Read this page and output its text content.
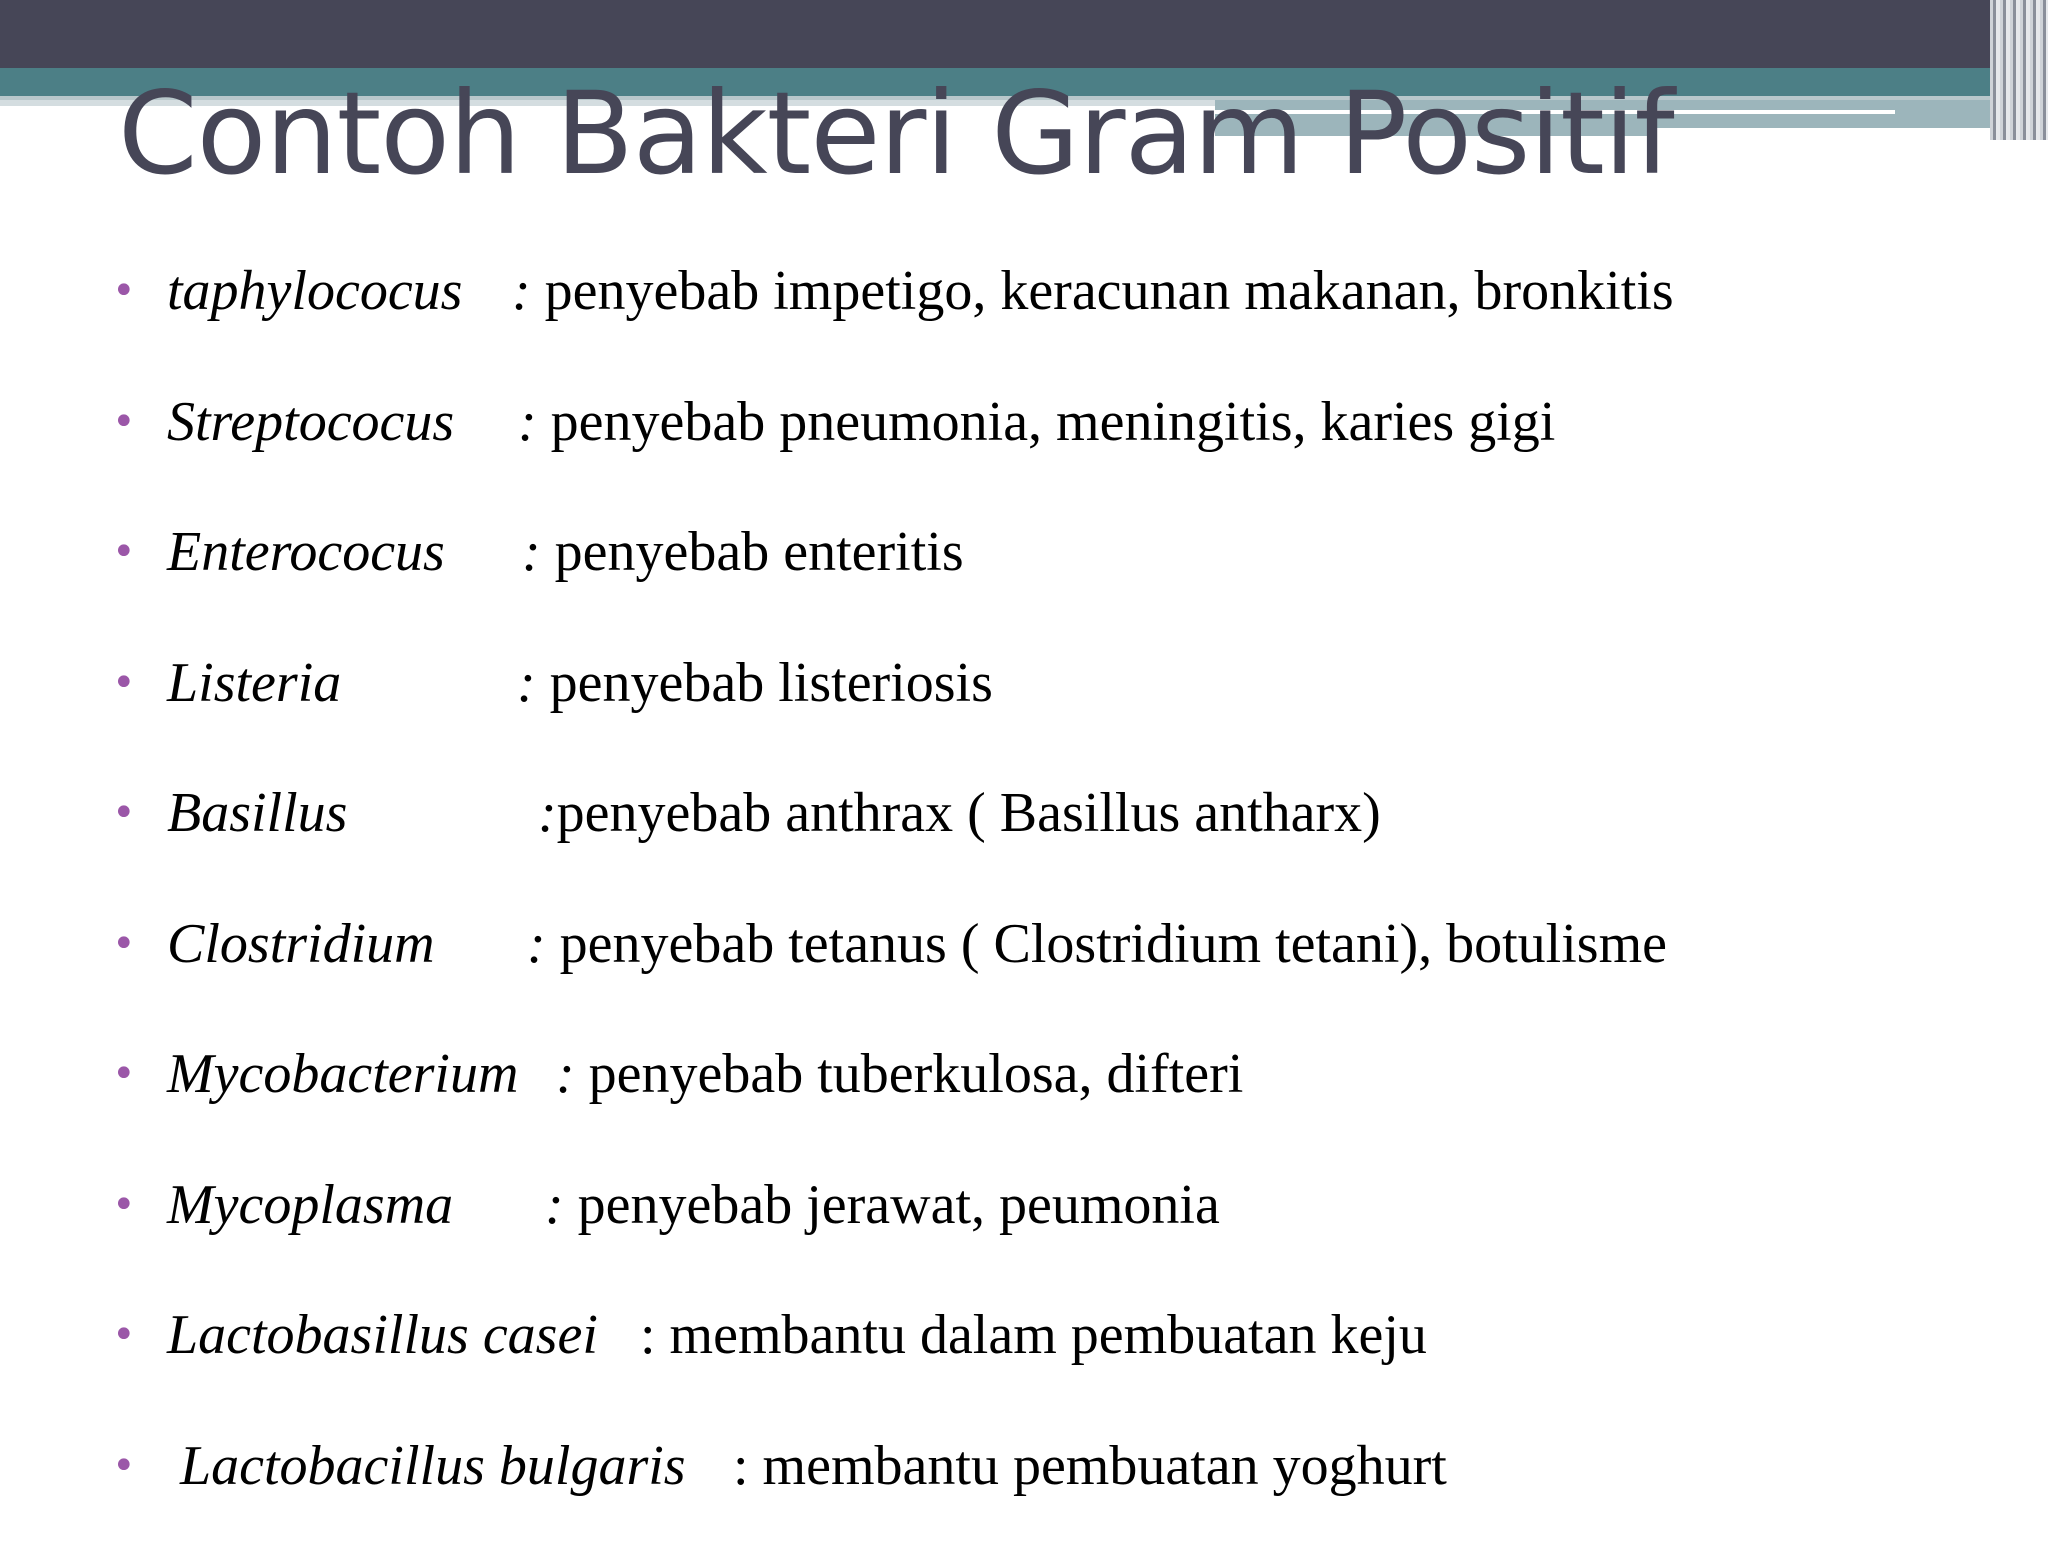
Contoh Bakteri Gram Positif
• taphylococus : penyebab impetigo, keracunan makanan, bronkitis
• Streptococus : penyebab pneumonia, meningitis, karies gigi
• Enterococus : penyebab enteritis
• Listeria	: penyebab listeriosis
• Basillus	:penyebab anthrax ( Basillus antharx)
• Clostridium : penyebab tetanus ( Clostridium tetani), botulisme
• Mycobacterium : penyebab tuberkulosa, difteri
• Mycoplasma : penyebab jerawat, peumonia
• Lactobasillus casei : membantu dalam pembuatan keju
• Lactobacillus bulgaris : membantu pembuatan yoghurt
